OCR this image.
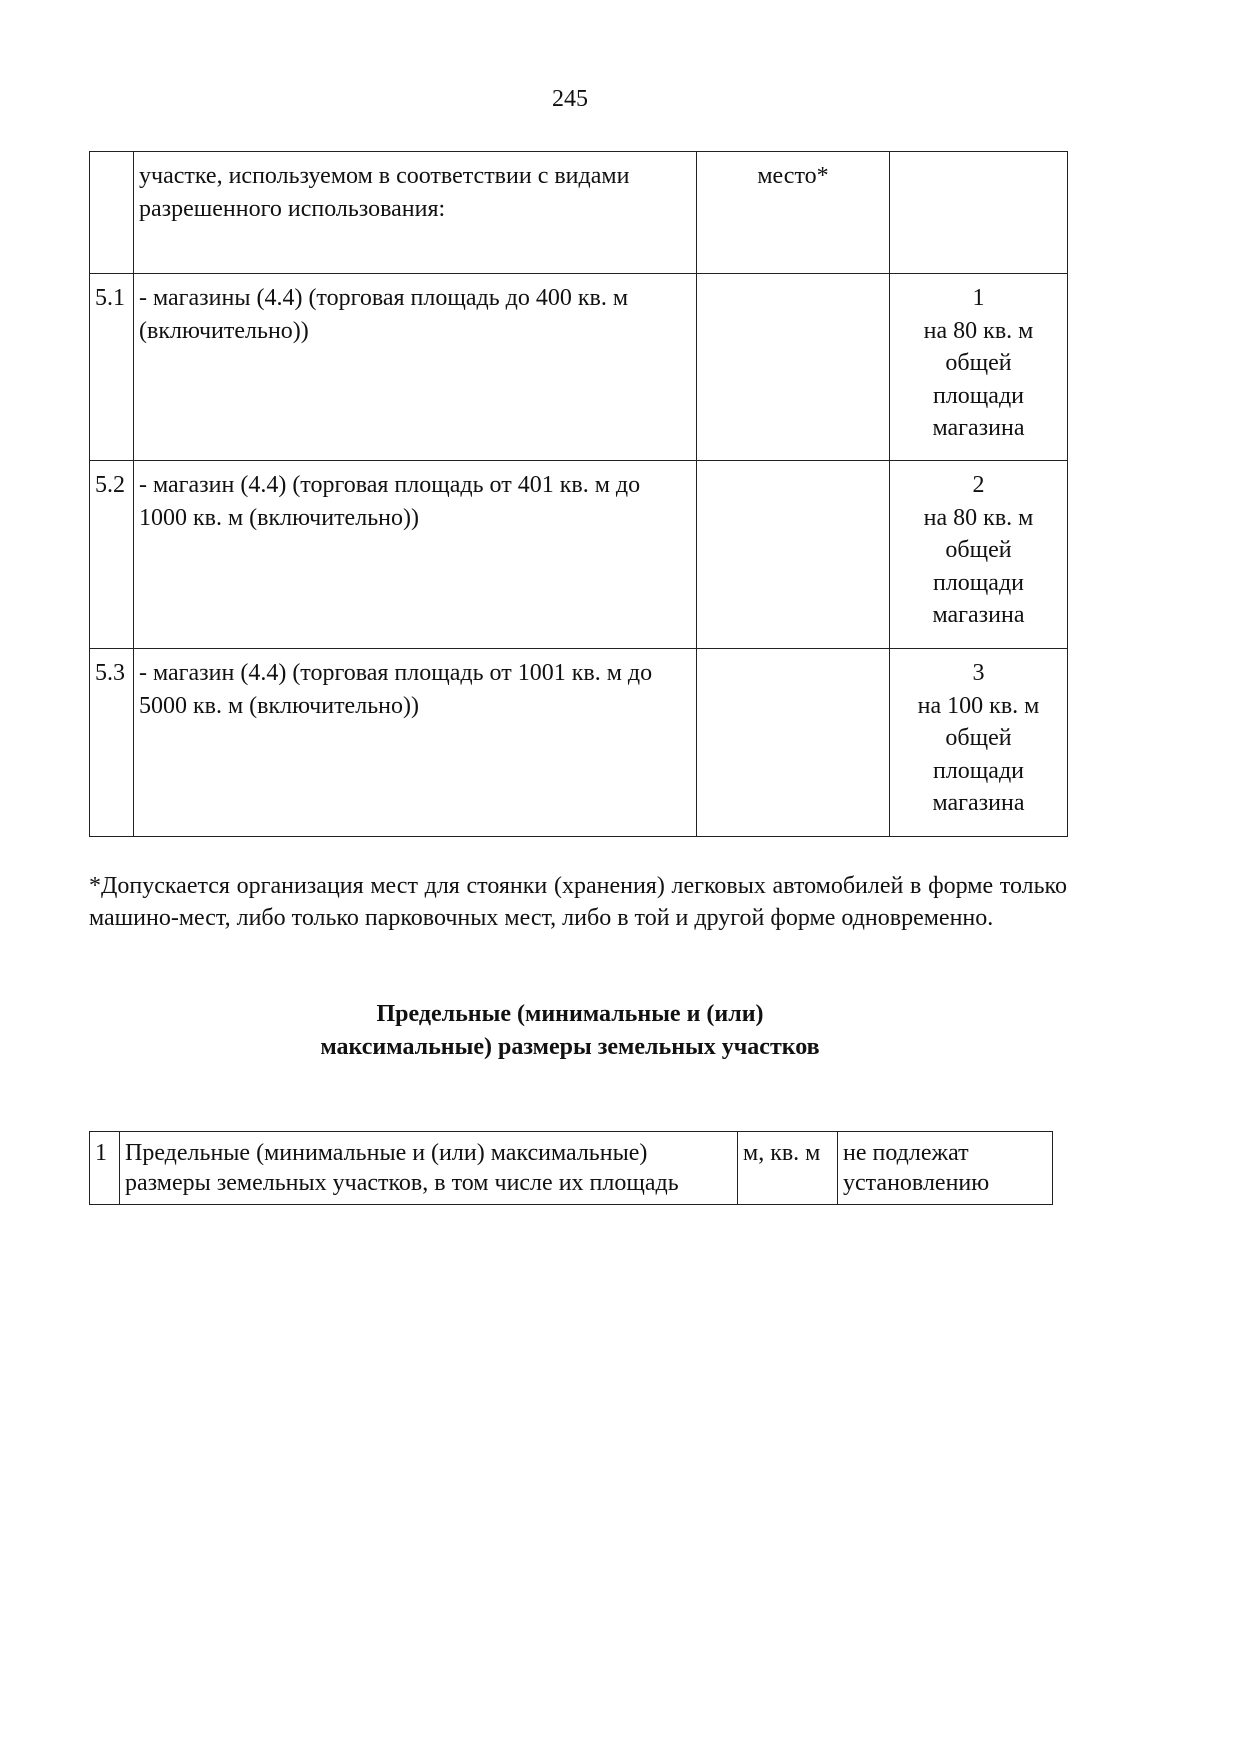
245
	участке, используемом в соответствии с видами разрешенного использования:	место*	
5.1	- магазины (4.4) (торговая площадь до 400 кв. м (включительно))		1
на 80 кв. м
общей
площади
магазина

5.2	- магазин (4.4) (торговая площадь от 401 кв. м до 1000 кв. м (включительно))		2
на 80 кв. м
общей
площади
магазина

5.3	- магазин (4.4) (торговая площадь от 1001 кв. м до 5000 кв. м (включительно))		3
на 100 кв. м
общей
площади
магазина
*Допускается организация мест для стоянки (хранения) легковых автомобилей в форме только машино-мест, либо только парковочных мест, либо в той и другой форме одновременно.
Предельные (минимальные и (или)
максимальные) размеры земельных участков
1	Предельные (минимальные и (или) максимальные) размеры земельных участков, в том числе их площадь	м, кв. м	не подлежат установлению
